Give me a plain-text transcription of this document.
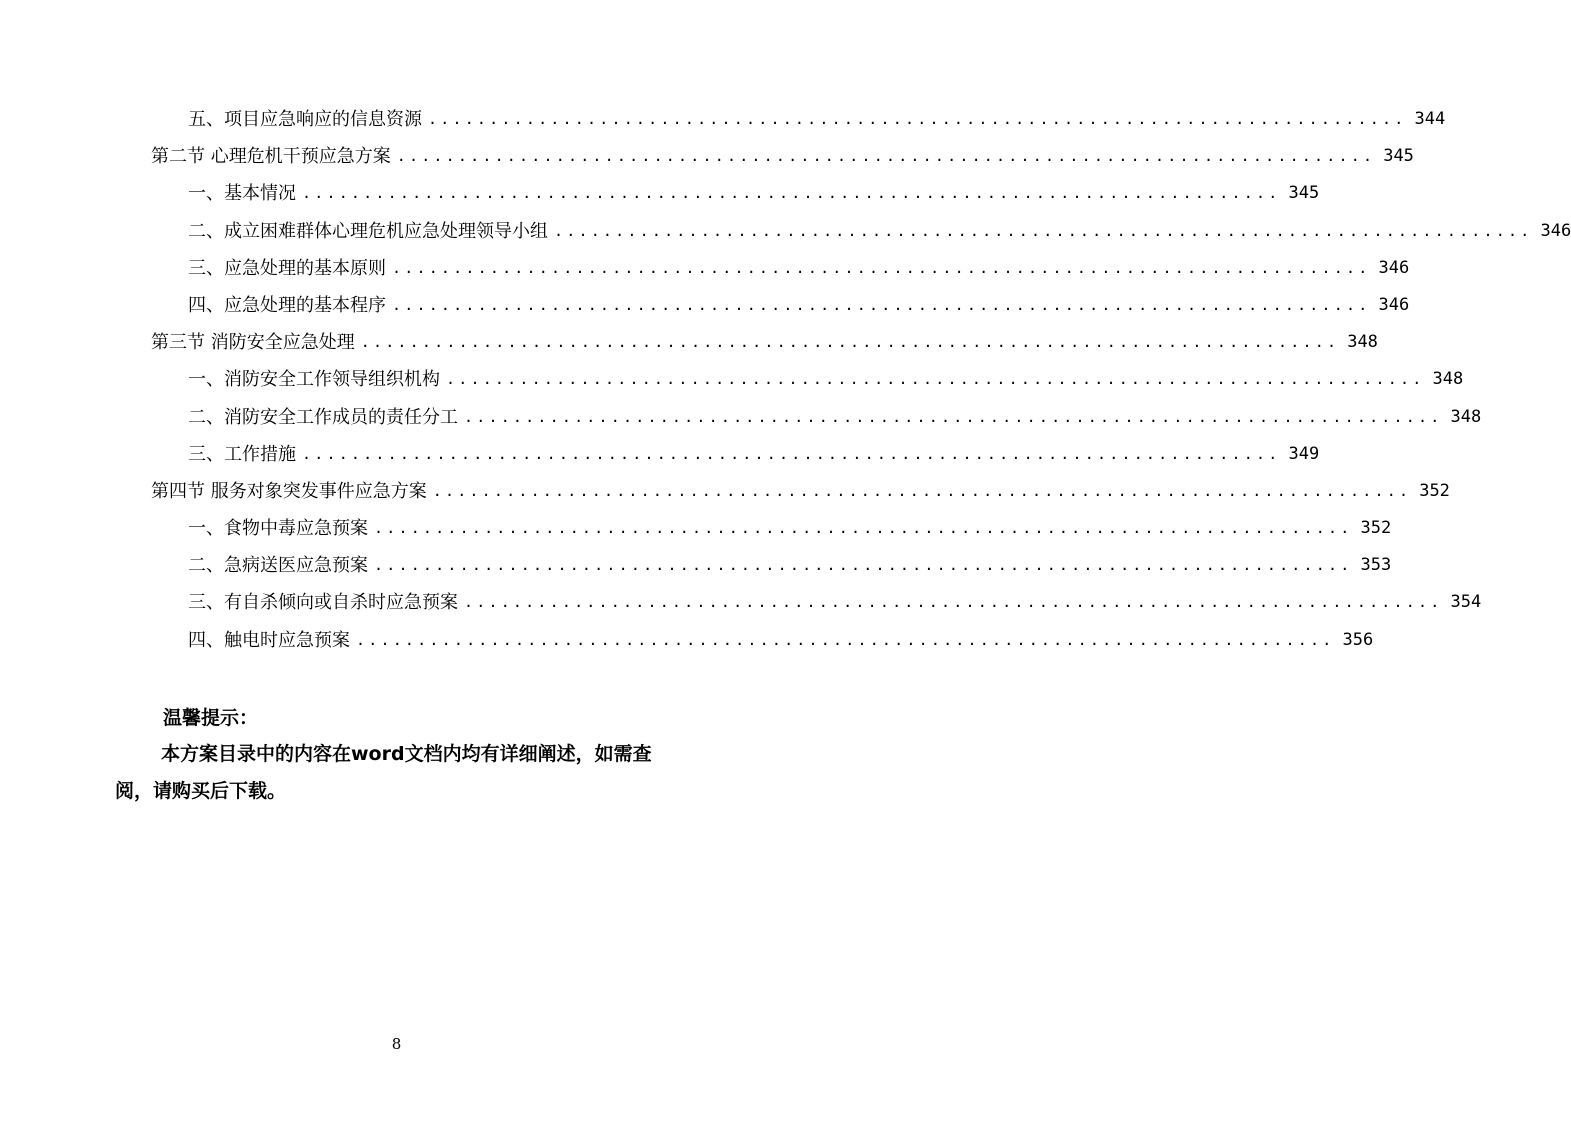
五、项目应急响应的信息资源 ................................................................................ 344
第二节 心理危机干预应急方案 ................................................................................ 345
一、基本情况 ................................................................................ 345
二、成立困难群体心理危机应急处理领导小组 ................................................................................ 346
三、应急处理的基本原则 ................................................................................ 346
四、应急处理的基本程序 ................................................................................ 346
第三节 消防安全应急处理 ................................................................................ 348
一、消防安全工作领导组织机构 ................................................................................ 348
二、消防安全工作成员的责任分工 ................................................................................ 348
三、工作措施 ................................................................................ 349
第四节 服务对象突发事件应急方案 ................................................................................ 352
一、食物中毒应急预案 ................................................................................ 352
二、急病送医应急预案 ................................................................................ 353
三、有自杀倾向或自杀时应急预案 ................................................................................ 354
四、触电时应急预案 ................................................................................ 356
温馨提示：
本方案目录中的内容在word文档内均有详细阐述，如需查阅，请购买后下载。
8
